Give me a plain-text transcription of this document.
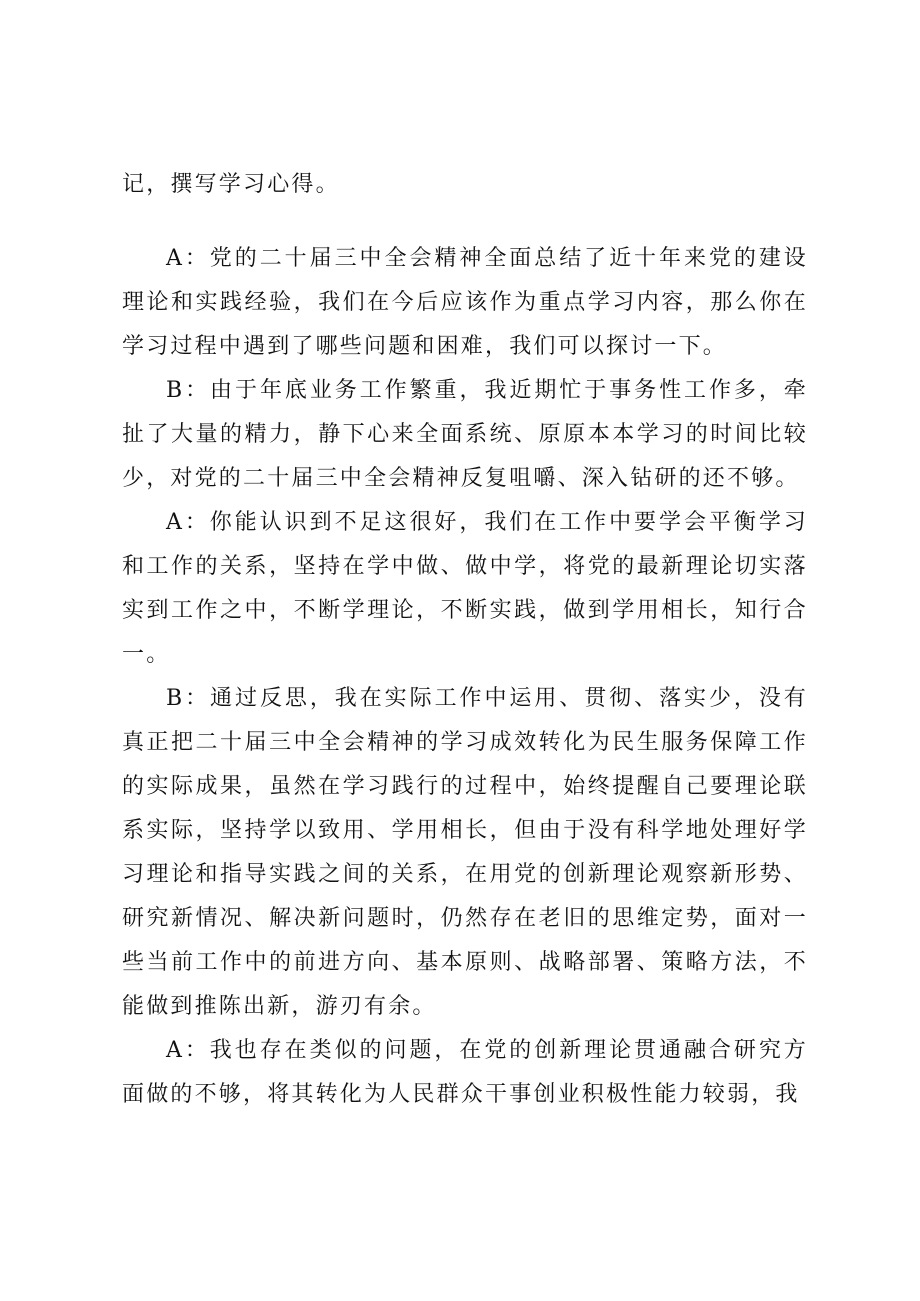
记，撰写学习心得。

A：党的二十届三中全会精神全面总结了近十年来党的建设理论和实践经验，我们在今后应该作为重点学习内容，那么你在学习过程中遇到了哪些问题和困难，我们可以探讨一下。

B：由于年底业务工作繁重，我近期忙于事务性工作多，牵扯了大量的精力，静下心来全面系统、原原本本学习的时间比较少，对党的二十届三中全会精神反复咀嚼、深入钻研的还不够。

A：你能认识到不足这很好，我们在工作中要学会平衡学习和工作的关系，坚持在学中做、做中学，将党的最新理论切实落实到工作之中，不断学理论，不断实践，做到学用相长，知行合一。

B：通过反思，我在实际工作中运用、贯彻、落实少，没有真正把二十届三中全会精神的学习成效转化为民生服务保障工作的实际成果，虽然在学习践行的过程中，始终提醒自己要理论联系实际，坚持学以致用、学用相长，但由于没有科学地处理好学习理论和指导实践之间的关系，在用党的创新理论观察新形势、研究新情况、解决新问题时，仍然存在老旧的思维定势，面对一些当前工作中的前进方向、基本原则、战略部署、策略方法，不能做到推陈出新，游刃有余。

A：我也存在类似的问题，在党的创新理论贯通融合研究方面做的不够，将其转化为人民群众干事创业积极性能力较弱，我
